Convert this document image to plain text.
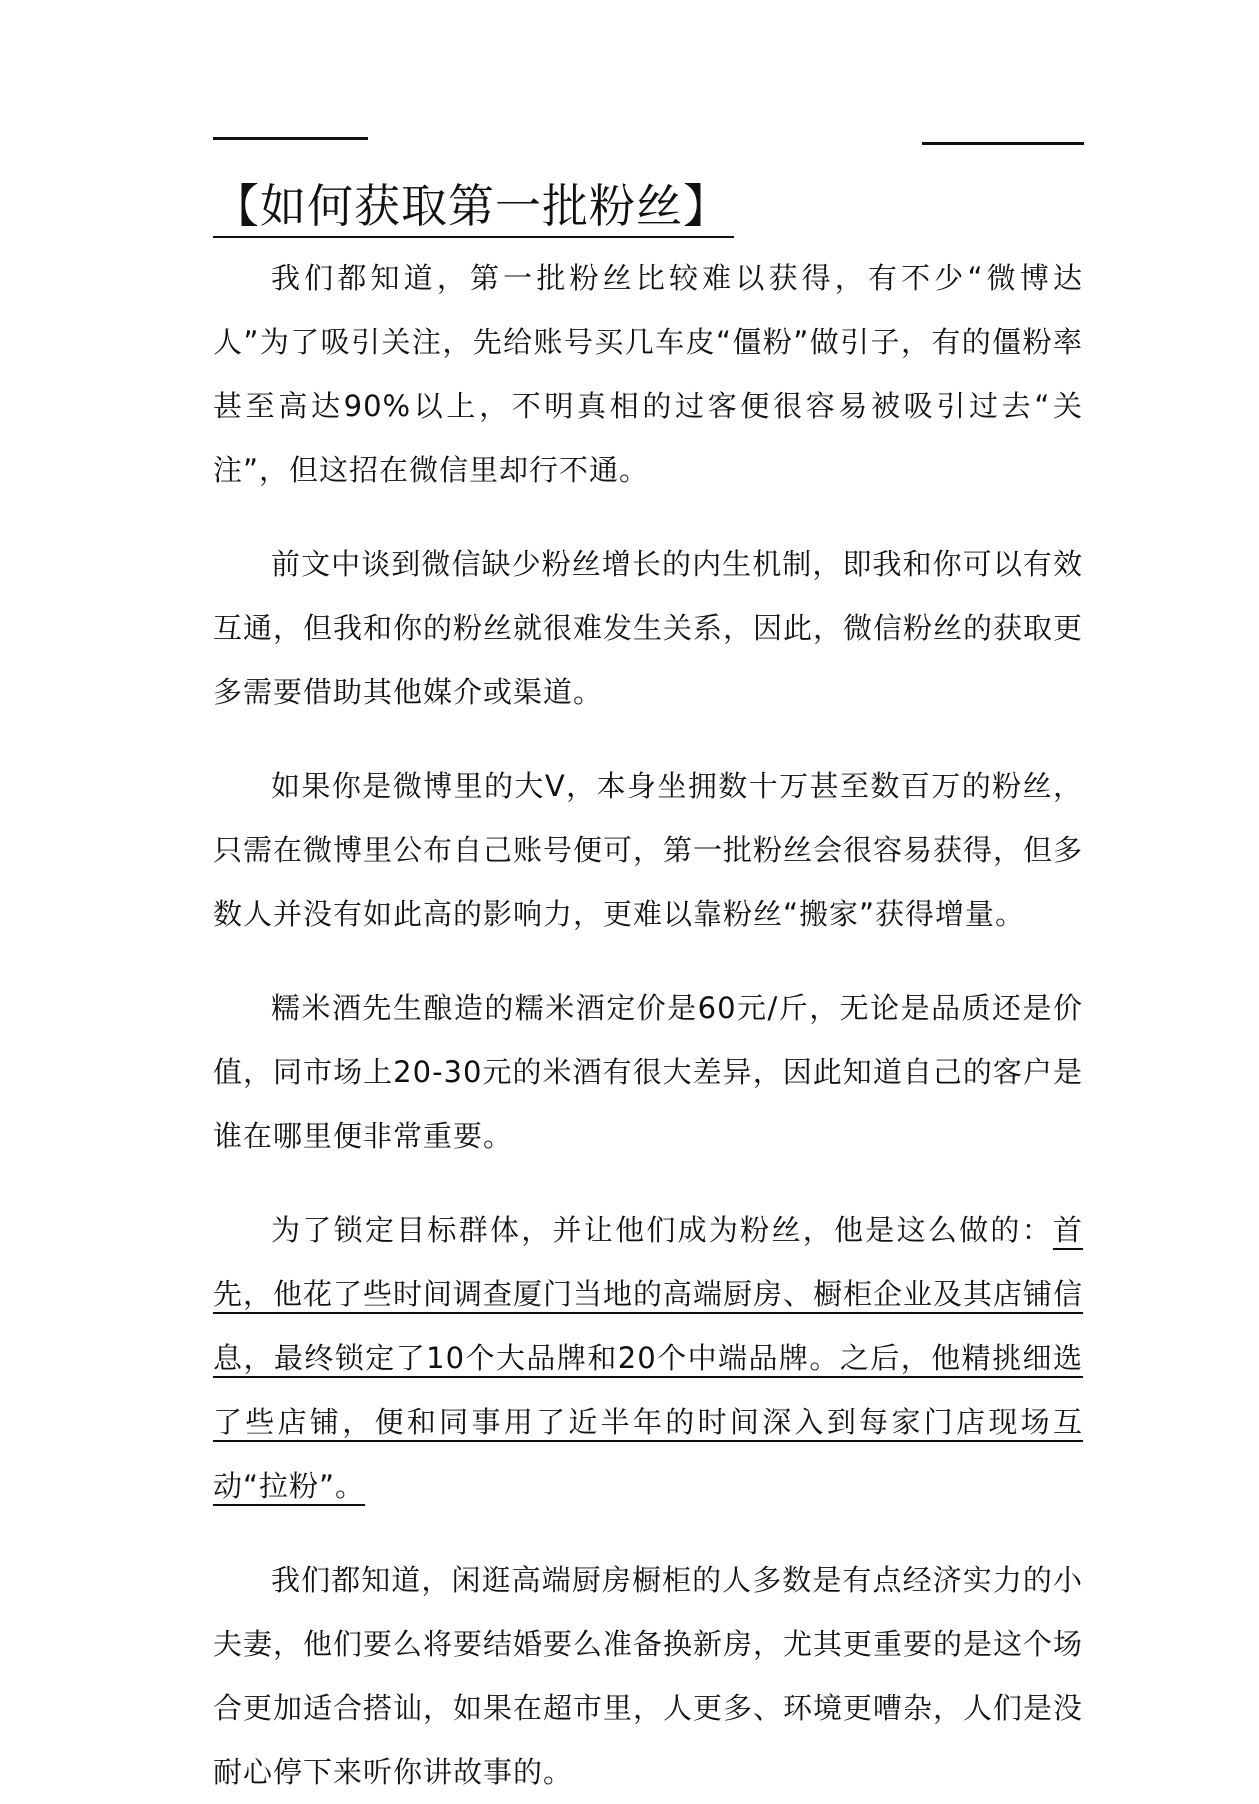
【如何获取第一批粉丝】

我们都知道，第一批粉丝比较难以获得，有不少“微博达人”为了吸引关注，先给账号买几车皮“僵粉”做引子，有的僵粉率甚至高达90%以上，不明真相的过客便很容易被吸引过去“关注”，但这招在微信里却行不通。

前文中谈到微信缺少粉丝增长的内生机制，即我和你可以有效互通，但我和你的粉丝就很难发生关系，因此，微信粉丝的获取更多需要借助其他媒介或渠道。

如果你是微博里的大V，本身坐拥数十万甚至数百万的粉丝，只需在微博里公布自己账号便可，第一批粉丝会很容易获得，但多数人并没有如此高的影响力，更难以靠粉丝“搬家”获得增量。

糯米酒先生酿造的糯米酒定价是60元/斤，无论是品质还是价值，同市场上20-30元的米酒有很大差异，因此知道自己的客户是谁在哪里便非常重要。

为了锁定目标群体，并让他们成为粉丝，他是这么做的：首先，他花了些时间调查厦门当地的高端厨房、橱柜企业及其店铺信息，最终锁定了10个大品牌和20个中端品牌。之后，他精挑细选了些店铺，便和同事用了近半年的时间深入到每家门店现场互动“拉粉”。

我们都知道，闲逛高端厨房橱柜的人多数是有点经济实力的小夫妻，他们要么将要结婚要么准备换新房，尤其更重要的是这个场合更加适合搭讪，如果在超市里，人更多、环境更嘈杂，人们是没耐心停下来听你讲故事的。
